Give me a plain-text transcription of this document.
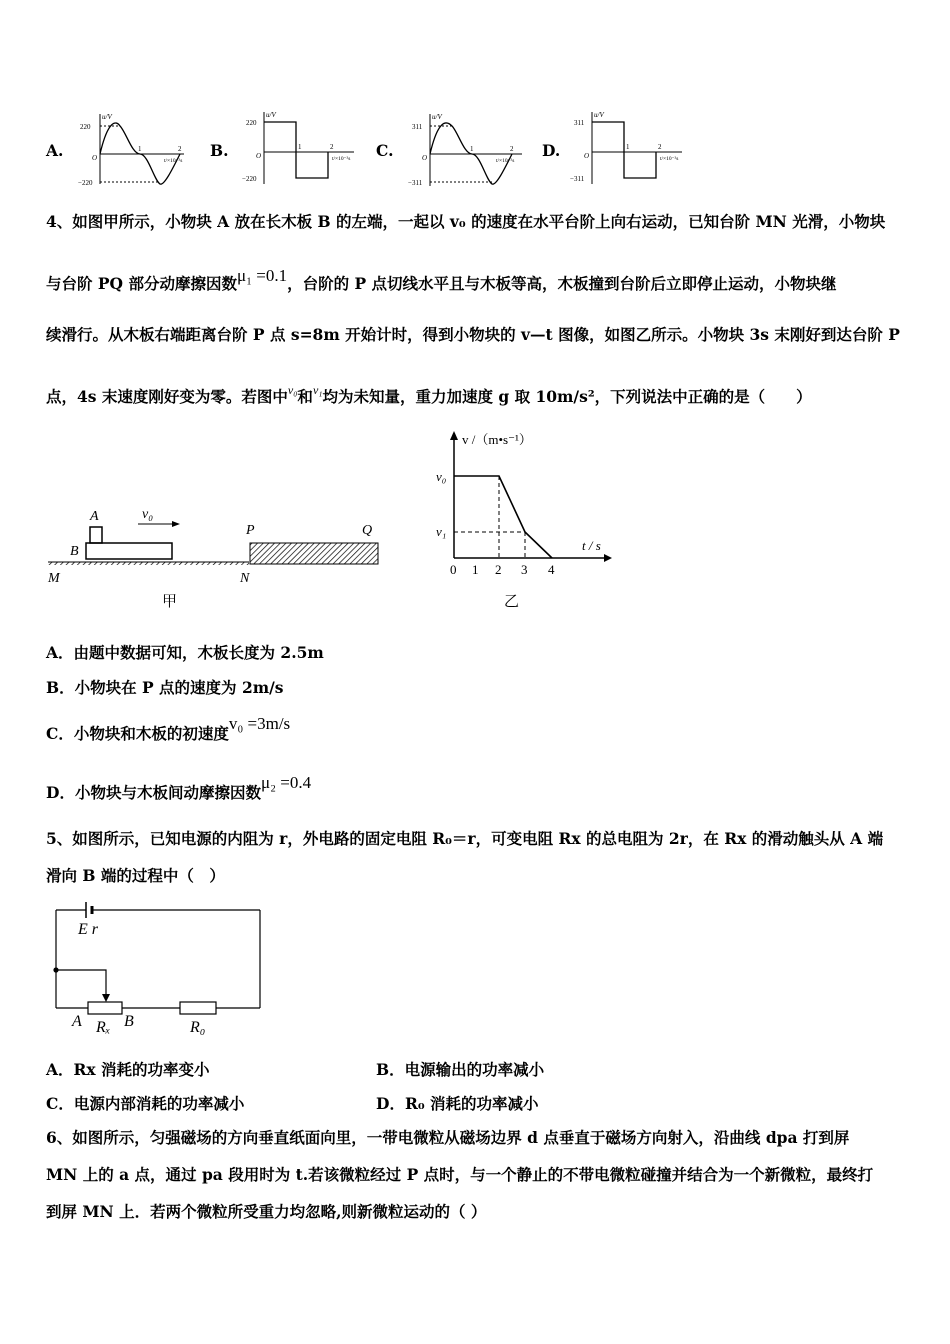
A.
220
−220
u/V
O
1	2
t/×10⁻²s
B.
220
−220
u/V
O
1	2
t/×10⁻²s C.
311
−311
u/V
O
1	2
t/×10⁻²s
D.
311
−311
u/V
O
1	2
t/×10⁻²s
4、如图甲所示，小物块 A 放在长木板 B 的左端，一起以 v₀ 的速度在水平台阶上向右运动，已知台阶 MN 光滑，小物块
与台阶 PQ 部分动摩擦因数μ₁ =0.1，台阶的 P 点切线水平且与木板等高，木板撞到台阶后立即停止运动，小物块继
续滑行。从木板右端距离台阶 P 点 s=8m 开始计时，得到小物块的 v—t 图像，如图乙所示。小物块 3s 末刚好到达台阶 P
点，4s 末速度刚好变为零。若图中$^{v_0}$和$^{v_1}$均为未知量，重力加速度 g 取 10m/s²，下列说法中正确的是（　　）
A
B
v₀
P	Q
M	N
甲
v /（m•s⁻¹）
t / s
v₀
v₁
0 1 2 3 4
乙
A．由题中数据可知，木板长度为 2.5m
B．小物块在 P 点的速度为 2m/s
C．小物块和木板的初速度v₀ =3m/s
D．小物块与木板间动摩擦因数μ₂ =0.4
5、如图所示，已知电源的内阻为 r，外电路的固定电阻 R₀＝r，可变电阻 Rx 的总电阻为 2r，在 Rx 的滑动触头从 A 端
滑向 B 端的过程中（　）
E r
A	B
Rₓ	R₀
A．Rx 消耗的功率变小	B．电源输出的功率减小
C．电源内部消耗的功率减小	D．R₀ 消耗的功率减小
6、如图所示，匀强磁场的方向垂直纸面向里，一带电微粒从磁场边界 d 点垂直于磁场方向射入，沿曲线 dpa 打到屏
MN 上的 a 点，通过 pa 段用时为 t.若该微粒经过 P 点时，与一个静止的不带电微粒碰撞并结合为一个新微粒，最终打
到屏 MN 上．若两个微粒所受重力均忽略,则新微粒运动的（ ）
